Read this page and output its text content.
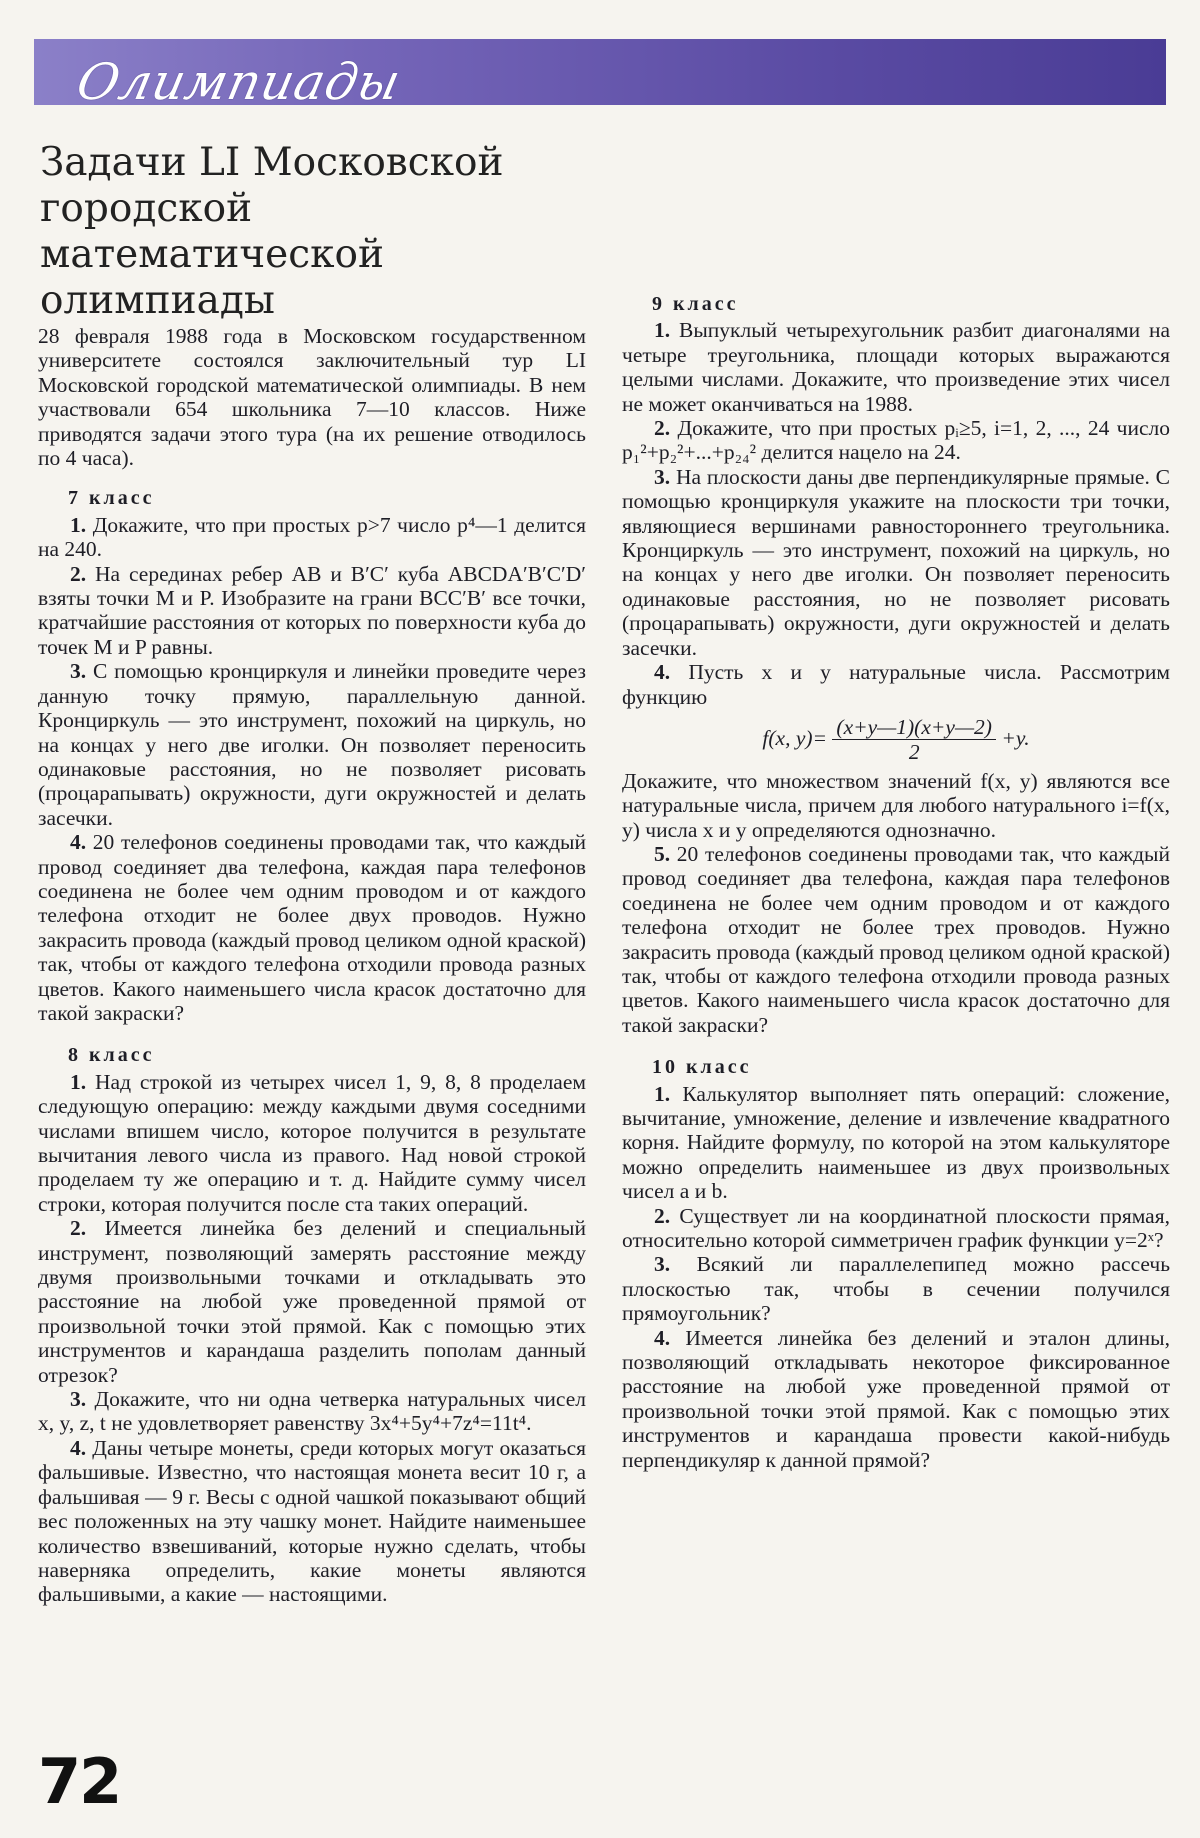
Олимпиады
Задачи LI Московской городской математической олимпиады

28 февраля 1988 года в Московском государственном университете состоялся заключительный тур LI Московской городской математической олимпиады. В нем участвовали 654 школьника 7—10 классов. Ниже приводятся задачи этого тура (на их решение отводилось по 4 часа).

7 класс

1. Докажите, что при простых p>7 число p⁴—1 делится на 240.

2. На серединах ребер AB и B′C′ куба ABCDA′B′C′D′ взяты точки M и P. Изобразите на грани BCC′B′ все точки, кратчайшие расстояния от которых по поверхности куба до точек M и P равны.

3. С помощью кронциркуля и линейки проведите через данную точку прямую, параллельную данной. Кронциркуль — это инструмент, похожий на циркуль, но на концах у него две иголки. Он позволяет переносить одинаковые расстояния, но не позволяет рисовать (процарапывать) окружности, дуги окружностей и делать засечки.

4. 20 телефонов соединены проводами так, что каждый провод соединяет два телефона, каждая пара телефонов соединена не более чем одним проводом и от каждого телефона отходит не более двух проводов. Нужно закрасить провода (каждый провод целиком одной краской) так, чтобы от каждого телефона отходили провода разных цветов. Какого наименьшего числа красок достаточно для такой закраски?

8 класс

1. Над строкой из четырех чисел 1, 9, 8, 8 проделаем следующую операцию: между каждыми двумя соседними числами впишем число, которое получится в результате вычитания левого числа из правого. Над новой строкой проделаем ту же операцию и т. д. Найдите сумму чисел строки, которая получится после ста таких операций.

2. Имеется линейка без делений и специальный инструмент, позволяющий замерять расстояние между двумя произвольными точками и откладывать это расстояние на любой уже проведенной прямой от произвольной точки этой прямой. Как с помощью этих инструментов и карандаша разделить пополам данный отрезок?

3. Докажите, что ни одна четверка натуральных чисел x, y, z, t не удовлетворяет равенству 3x⁴+5y⁴+7z⁴=11t⁴.

4. Даны четыре монеты, среди которых могут оказаться фальшивые. Известно, что настоящая монета весит 10 г, а фальшивая — 9 г. Весы с одной чашкой показывают общий вес положенных на эту чашку монет. Найдите наименьшее количество взвешиваний, которые нужно сделать, чтобы наверняка определить, какие монеты являются фальшивыми, а какие — настоящими.

9 класс

1. Выпуклый четырехугольник разбит диагоналями на четыре треугольника, площади которых выражаются целыми числами. Докажите, что произведение этих чисел не может оканчиваться на 1988.

2. Докажите, что при простых pᵢ≥5, i=1, 2, ..., 24 число p₁²+p₂²+...+p₂₄² делится нацело на 24.

3. На плоскости даны две перпендикулярные прямые. С помощью кронциркуля укажите на плоскости три точки, являющиеся вершинами равностороннего треугольника. Кронциркуль — это инструмент, похожий на циркуль, но на концах у него две иголки. Он позволяет переносить одинаковые расстояния, но не позволяет рисовать (процарапывать) окружности, дуги окружностей и делать засечки.

4. Пусть x и y натуральные числа. Рассмотрим функцию

f(x, $y)= \frac{(x+y—1)(x+y—2)}{2} +y$.

Докажите, что множеством значений f(x, y) являются все натуральные числа, причем для любого натурального i=f(x, y) числа x и y определяются однозначно.

5. 20 телефонов соединены проводами так, что каждый провод соединяет два телефона, каждая пара телефонов соединена не более чем одним проводом и от каждого телефона отходит не более трех проводов. Нужно закрасить провода (каждый провод целиком одной краской) так, чтобы от каждого телефона отходили провода разных цветов. Какого наименьшего числа красок достаточно для такой закраски?

10 класс

1. Калькулятор выполняет пять операций: сложение, вычитание, умножение, деление и извлечение квадратного корня. Найдите формулу, по которой на этом калькуляторе можно определить наименьшее из двух произвольных чисел a и b.

2. Существует ли на координатной плоскости прямая, относительно которой симметричен график функции y=2ˣ?

3. Всякий ли параллелепипед можно рассечь плоскостью так, чтобы в сечении получился прямоугольник?

4. Имеется линейка без делений и эталон длины, позволяющий откладывать некоторое фиксированное расстояние на любой уже проведенной прямой от произвольной точки этой прямой. Как с помощью этих инструментов и карандаша провести какой-нибудь перпендикуляр к данной прямой?

72
